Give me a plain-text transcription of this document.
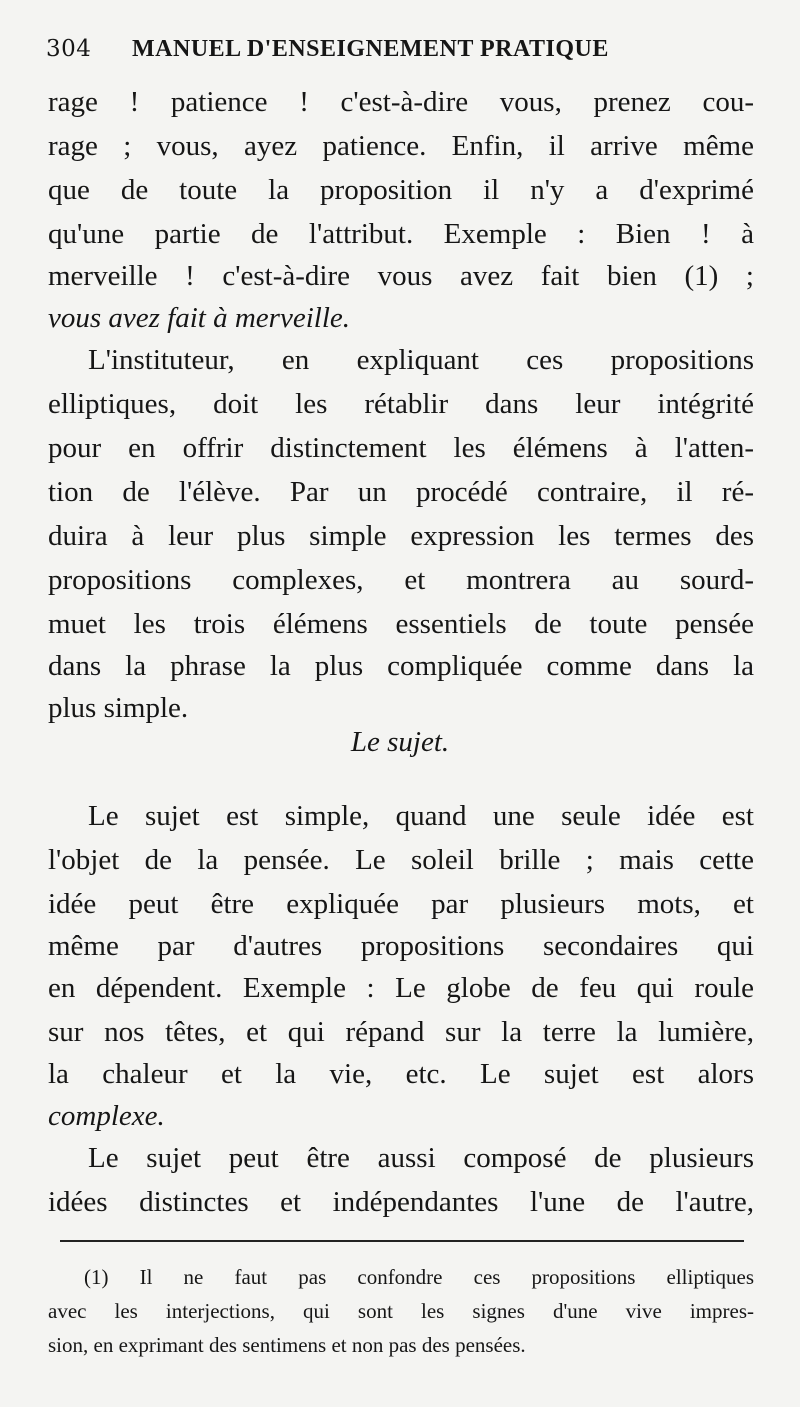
304 MANUEL D'ENSEIGNEMENT PRATIQUE
rage ! patience ! c'est-à-dire vous, prenez cou-
rage ; vous, ayez patience. Enfin, il arrive même
que de toute la proposition il n'y a d'exprimé
qu'une partie de l'attribut. Exemple : Bien ! à
merveille ! c'est-à-dire vous avez fait bien (1) ;
vous avez fait à merveille.
L'instituteur, en expliquant ces propositions
elliptiques, doit les rétablir dans leur intégrité
pour en offrir distinctement les élémens à l'atten-
tion de l'élève. Par un procédé contraire, il ré-
duira à leur plus simple expression les termes des
propositions complexes, et montrera au sourd-
muet les trois élémens essentiels de toute pensée
dans la phrase la plus compliquée comme dans la
plus simple.
Le sujet.
Le sujet est simple, quand une seule idée est
l'objet de la pensée. Le soleil brille ; mais cette
idée peut être expliquée par plusieurs mots, et
même par d'autres propositions secondaires qui
en dépendent. Exemple : Le globe de feu qui roule
sur nos têtes, et qui répand sur la terre la lumière,
la chaleur et la vie, etc. Le sujet est alors
complexe.
Le sujet peut être aussi composé de plusieurs
idées distinctes et indépendantes l'une de l'autre,
(1) Il ne faut pas confondre ces propositions elliptiques
avec les interjections, qui sont les signes d'une vive impres-
sion, en exprimant des sentimens et non pas des pensées.
